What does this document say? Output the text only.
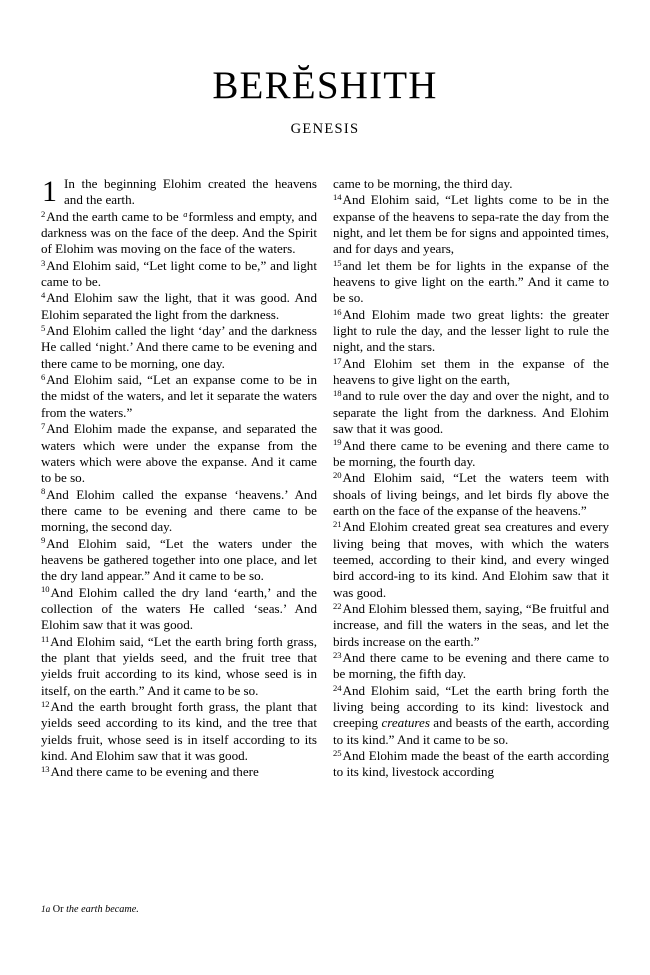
BERĔSHITH
GENESIS

1 In the beginning Elohim created the heavens and the earth.

$^2$And the earth came to be $^a$formless and empty, and darkness was on the face of the deep. And the Spirit of Elohim was moving on the face of the waters.

$^3$And Elohim said, “Let light come to be,” and light came to be.

$^4$And Elohim saw the light, that it was good. And Elohim separated the light from the darkness.

$^5$And Elohim called the light ‘day’ and the darkness He called ‘night.’ And there came to be evening and there came to be morning, one day.

$^6$And Elohim said, “Let an expanse come to be in the midst of the waters, and let it separate the waters from the waters.”

$^7$And Elohim made the expanse, and separated the waters which were under the expanse from the waters which were above the expanse. And it came to be so.

$^8$And Elohim called the expanse ‘heavens.’ And there came to be evening and there came to be morning, the second day.

$^9$And Elohim said, “Let the waters under the heavens be gathered together into one place, and let the dry land appear.” And it came to be so.

$^{10}$And Elohim called the dry land ‘earth,’ and the collection of the waters He called ‘seas.’ And Elohim saw that it was good.

$^{11}$And Elohim said, “Let the earth bring forth grass, the plant that yields seed, and the fruit tree that yields fruit according to its kind, whose seed is in itself, on the earth.” And it came to be so.

$^{12}$And the earth brought forth grass, the plant that yields seed according to its kind, and the tree that yields fruit, whose seed is in itself according to its kind. And Elohim saw that it was good.

$^{13}$And there came to be evening and there

came to be morning, the third day.

$^{14}$And Elohim said, “Let lights come to be in the expanse of the heavens to sepa-rate the day from the night, and let them be for signs and appointed times, and for days and years,

$^{15}$and let them be for lights in the expanse of the heavens to give light on the earth.” And it came to be so.

$^{16}$And Elohim made two great lights: the greater light to rule the day, and the lesser light to rule the night, and the stars.

$^{17}$And Elohim set them in the expanse of the heavens to give light on the earth,

$^{18}$and to rule over the day and over the night, and to separate the light from the darkness. And Elohim saw that it was good.

$^{19}$And there came to be evening and there came to be morning, the fourth day.

$^{20}$And Elohim said, “Let the waters teem with shoals of living beings, and let birds fly above the earth on the face of the expanse of the heavens.”

$^{21}$And Elohim created great sea creatures and every living being that moves, with which the waters teemed, according to their kind, and every winged bird accord-ing to its kind. And Elohim saw that it was good.

$^{22}$And Elohim blessed them, saying, “Be fruitful and increase, and fill the waters in the seas, and let the birds increase on the earth.”

$^{23}$And there came to be evening and there came to be morning, the fifth day.

$^{24}$And Elohim said, “Let the earth bring forth the living being according to its kind: livestock and creeping creatures and beasts of the earth, according to its kind.” And it came to be so.

$^{25}$And Elohim made the beast of the earth according to its kind, livestock according

1a Or the earth became.
